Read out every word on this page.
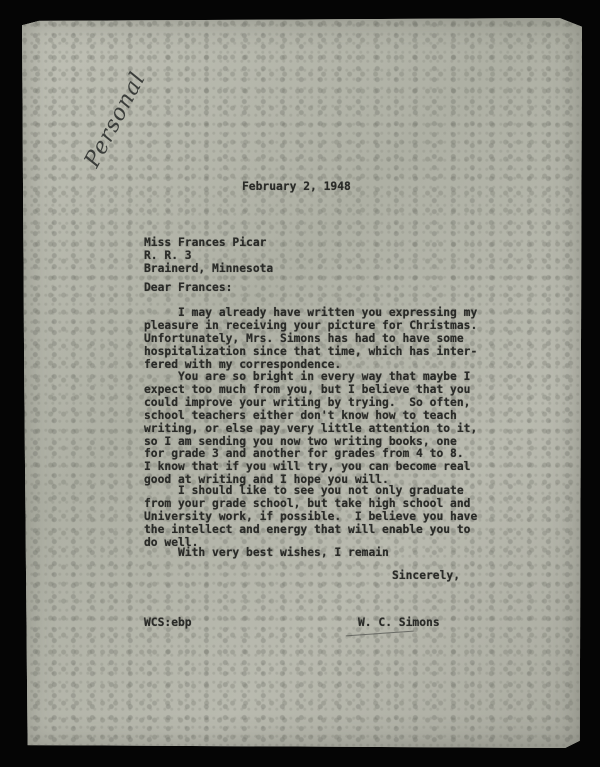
Personal
February 2, 1948
Miss Frances Picar
R. R. 3
Brainerd, Minnesota
Dear Frances:
I may already have written you expressing my
pleasure in receiving your picture for Christmas.
Unfortunately, Mrs. Simons has had to have some
hospitalization since that time, which has inter-
fered with my correspondence.
You are so bright in every way that maybe I
expect too much from you, but I believe that you
could improve your writing by trying.  So often,
school teachers either don't know how to teach
writing, or else pay very little attention to it,
so I am sending you now two writing books, one
for grade 3 and another for grades from 4 to 8.
I know that if you will try, you can become real
good at writing and I hope you will.
I should like to see you not only graduate
from your grade school, but take high school and
University work, if possible.  I believe you have
the intellect and energy that will enable you to
do well.
With very best wishes, I remain
Sincerely,
WCS:ebp	W. C. Simons
